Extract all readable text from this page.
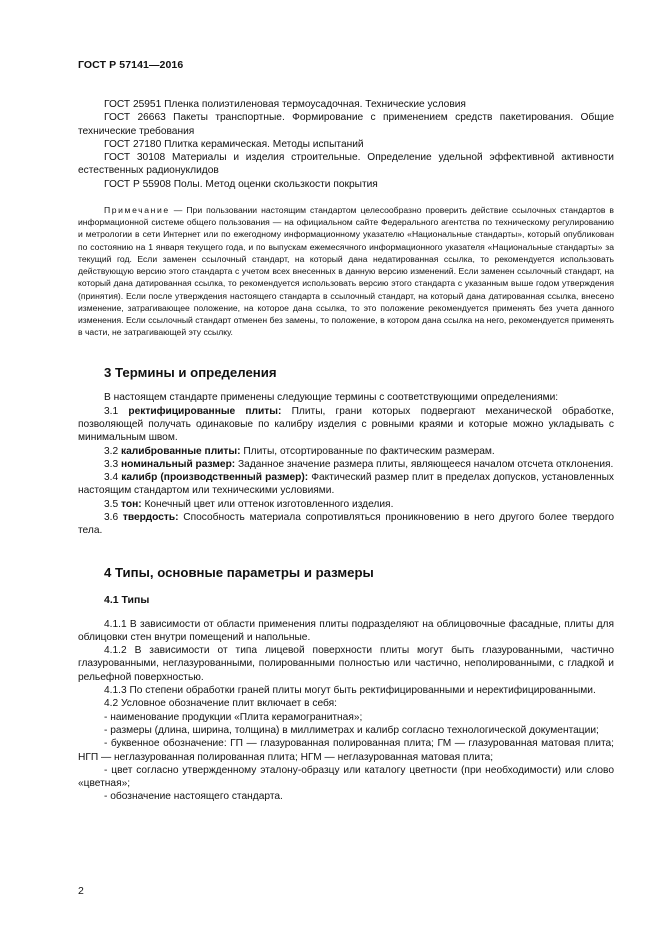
ГОСТ Р 57141—2016

ГОСТ 25951 Пленка полиэтиленовая термоусадочная. Технические условия

ГОСТ 26663 Пакеты транспортные. Формирование с применением средств пакетирования. Общие технические требования

ГОСТ 27180 Плитка керамическая. Методы испытаний

ГОСТ 30108 Материалы и изделия строительные. Определение удельной эффективной активности естественных радионуклидов

ГОСТ Р 55908 Полы. Метод оценки скользкости покрытия

Примечание — При пользовании настоящим стандартом целесообразно проверить действие ссылочных стандартов в информационной системе общего пользования — на официальном сайте Федерального агентства по техническому регулированию и метрологии в сети Интернет или по ежегодному информационному указателю «Национальные стандарты», который опубликован по состоянию на 1 января текущего года, и по выпускам ежемесячного информационного указателя «Национальные стандарты» за текущий год. Если заменен ссылочный стандарт, на который дана недатированная ссылка, то рекомендуется использовать действующую версию этого стандарта с учетом всех внесенных в данную версию изменений. Если заменен ссылочный стандарт, на который дана датированная ссылка, то рекомендуется использовать версию этого стандарта с указанным выше годом утверждения (принятия). Если после утверждения настоящего стандарта в ссылочный стандарт, на который дана датированная ссылка, внесено изменение, затрагивающее положение, на которое дана ссылка, то это положение рекомендуется применять без учета данного изменения. Если ссылочный стандарт отменен без замены, то положение, в котором дана ссылка на него, рекомендуется применять в части, не затрагивающей эту ссылку.

3 Термины и определения

В настоящем стандарте применены следующие термины с соответствующими определениями:

3.1 ректифицированные плиты: Плиты, грани которых подвергают механической обработке, позволяющей получать одинаковые по калибру изделия с ровными краями и которые можно укладывать с минимальным швом.

3.2 калиброванные плиты: Плиты, отсортированные по фактическим размерам.

3.3 номинальный размер: Заданное значение размера плиты, являющееся началом отсчета отклонения.

3.4 калибр (производственный размер): Фактический размер плит в пределах допусков, установленных настоящим стандартом или техническими условиями.

3.5 тон: Конечный цвет или оттенок изготовленного изделия.

3.6 твердость: Способность материала сопротивляться проникновению в него другого более твердого тела.

4 Типы, основные параметры и размеры
4.1 Типы

4.1.1 В зависимости от области применения плиты подразделяют на облицовочные фасадные, плиты для облицовки стен внутри помещений и напольные.

4.1.2 В зависимости от типа лицевой поверхности плиты могут быть глазурованными, частично глазурованными, неглазурованными, полированными полностью или частично, неполированными, с гладкой и рельефной поверхностью.

4.1.3 По степени обработки граней плиты могут быть ректифицированными и неректифицированными.

4.2 Условное обозначение плит включает в себя:

- наименование продукции «Плита керамогранитная»;

- размеры (длина, ширина, толщина) в миллиметрах и калибр согласно технологической документации;

- буквенное обозначение: ГП — глазурованная полированная плита; ГМ — глазурованная матовая плита; НГП — неглазурованная полированная плита; НГМ — неглазурованная матовая плита;

- цвет согласно утвержденному эталону-образцу или каталогу цветности (при необходимости) или слово «цветная»;

- обозначение настоящего стандарта.

2
